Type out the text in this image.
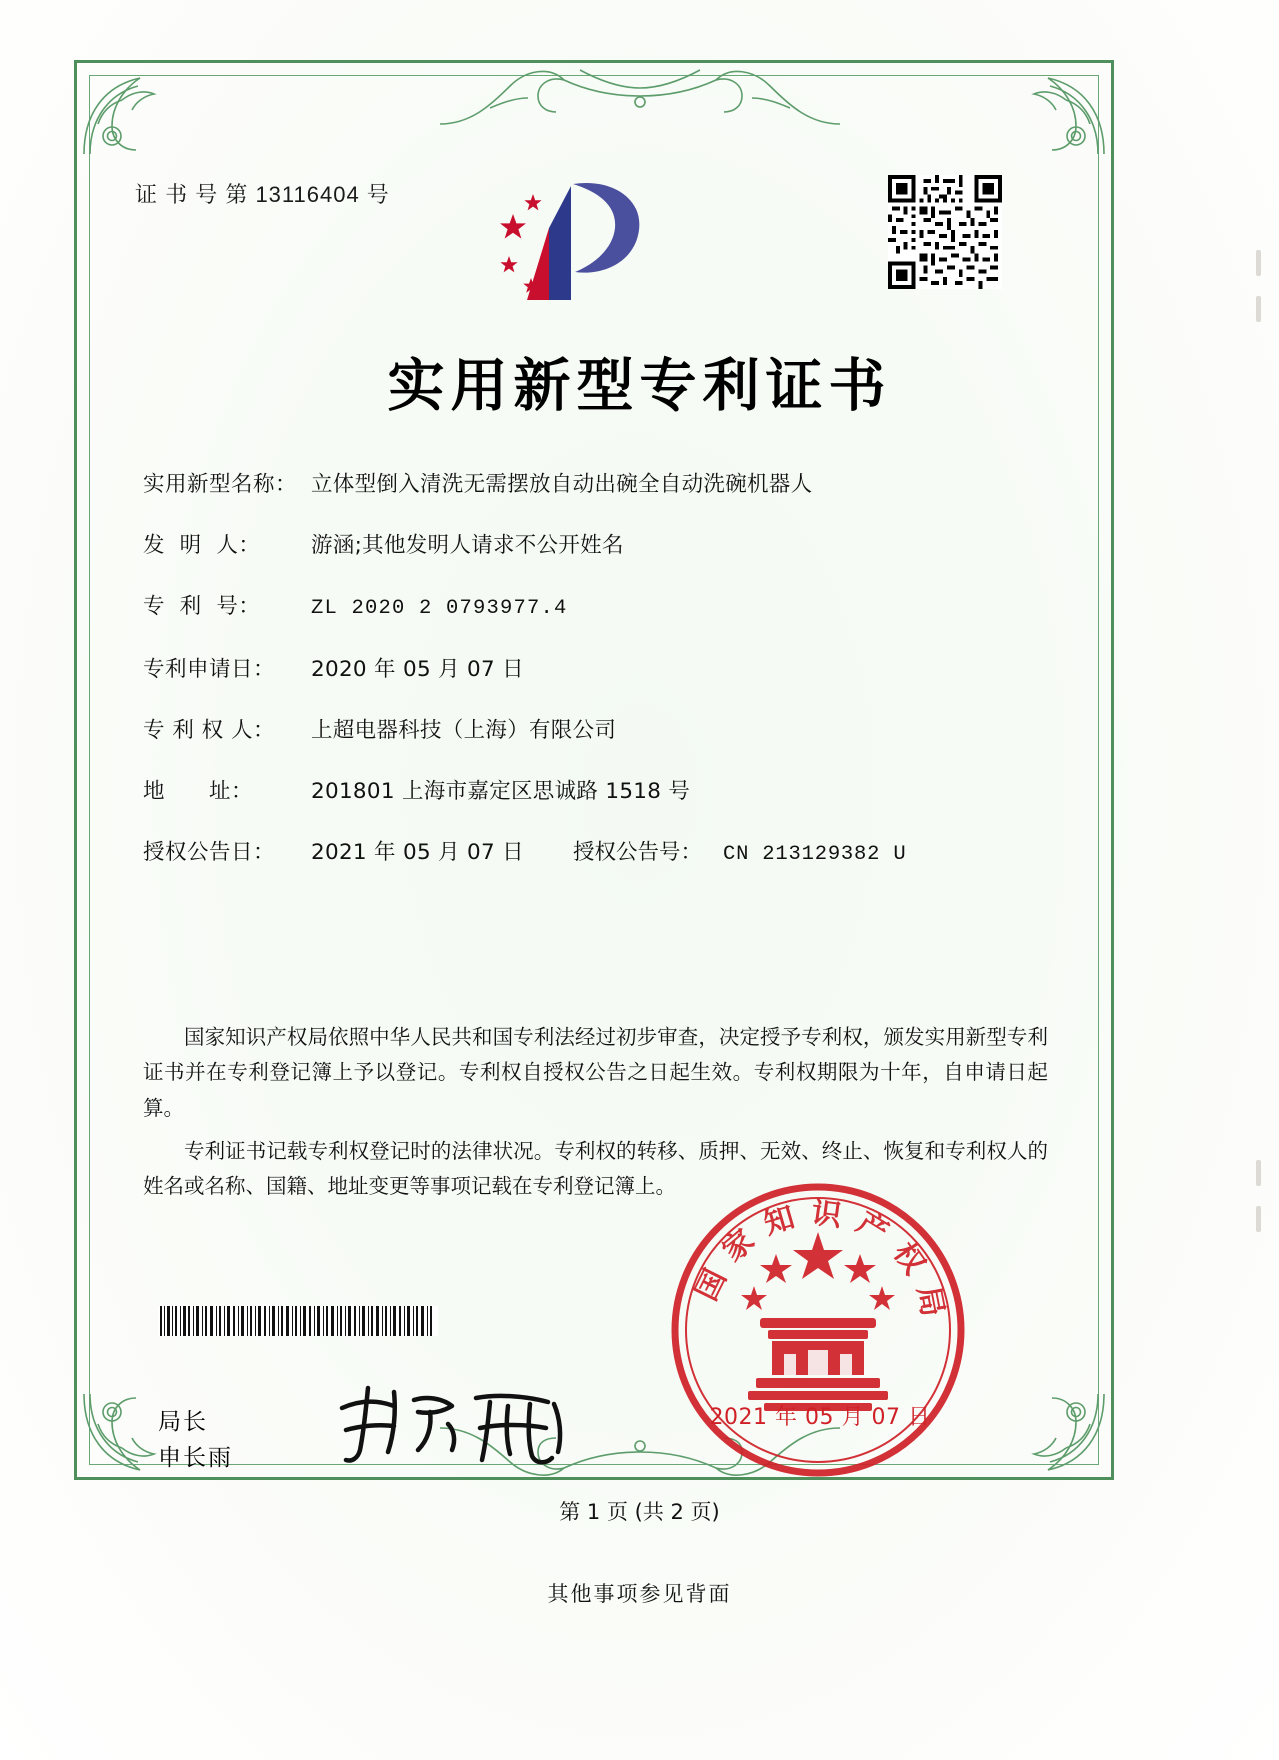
证 书 号 第 13116404 号
实用新型专利证书
实用新型名称： 立体型倒入清洗无需摆放自动出碗全自动洗碗机器人
发  明  人：	游涵;其他发明人请求不公开姓名
专  利  号：	ZL 2020 2 0793977.4
专利申请日：	2020 年 05 月 07 日
专 利 权 人：	上超电器科技（上海）有限公司
地      址：	201801 上海市嘉定区思诚路 1518 号
授权公告日：	2021 年 05 月 07 日	授权公告号：	CN 213129382 U

国家知识产权局依照中华人民共和国专利法经过初步审查，决定授予专利权，颁发实用新型专利证书并在专利登记簿上予以登记。专利权自授权公告之日起生效。专利权期限为十年，自申请日起算。

专利证书记载专利权登记时的法律状况。专利权的转移、质押、无效、终止、恢复和专利权人的姓名或名称、国籍、地址变更等事项记载在专利登记簿上。

局长
申长雨
国家知识产权局
2021 年 05 月 07 日
第 1 页 (共 2 页)
其他事项参见背面
